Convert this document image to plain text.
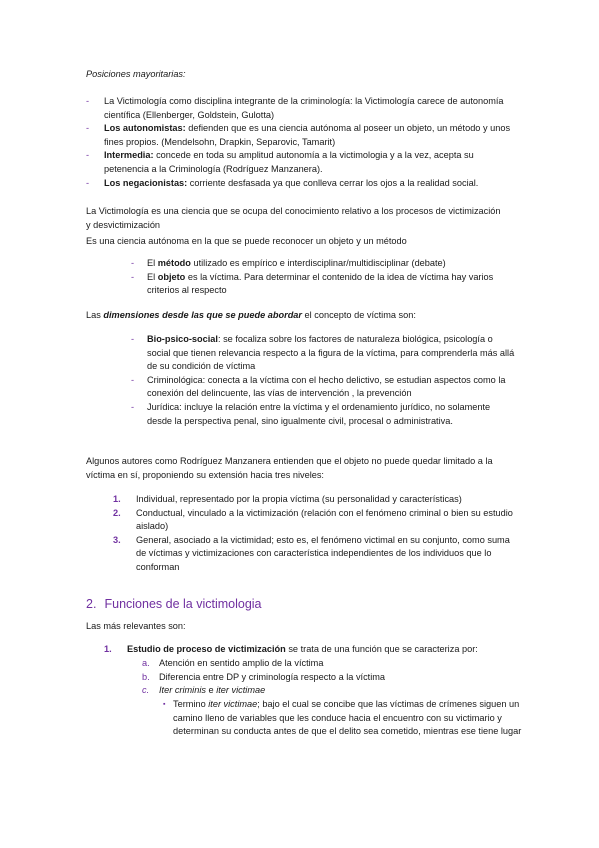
Posiciones mayoritarias:

- La Victimología como disciplina integrante de la criminología: la Victimología carece de autonomía científica (Ellenberger, Goldstein, Gulotta)
- Los autonomistas: defienden que es una ciencia autónoma al poseer un objeto, un método y unos fines propios. (Mendelsohn, Drapkin, Separovic, Tamarit)
- Intermedia: concede en toda su amplitud autonomía a la victimologia y a la vez, acepta su petenencia a la Criminología (Rodríguez Manzanera).
- Los negacionistas: corriente desfasada ya que conlleva cerrar los ojos a la realidad social.

La Victimología es una ciencia que se ocupa del conocimiento relativo a los procesos de victimización y desvictimización

Es una ciencia autónoma en la que se puede reconocer un objeto y un método

- El método utilizado es empírico e interdisciplinar/multidisciplinar (debate)
- El objeto es la víctima. Para determinar el contenido de la idea de víctima hay varios criterios al respecto

Las dimensiones desde las que se puede abordar el concepto de víctima son:

- Bio-psico-social: se focaliza sobre los factores de naturaleza biológica, psicología o social que tienen relevancia respecto a la figura de la víctima, para comprenderla más allá de su condición de víctima
- Criminológica: conecta a la víctima con el hecho delictivo, se estudian aspectos como la conexión del delincuente, las vías de intervención , la prevención
- Jurídica: incluye la relación entre la víctima y el ordenamiento jurídico, no solamente desde la perspectiva penal, sino igualmente civil, procesal o administrativa.

Algunos autores como Rodríguez Manzanera entienden que el objeto no puede quedar limitado a la víctima en sí, proponiendo su extensión hacia tres niveles:

1. Individual, representado por la propia víctima (su personalidad y características)
2. Conductual, vinculado a la victimización (relación con el fenómeno criminal o bien su estudio aislado)
3. General, asociado a la victimidad; esto es, el fenómeno victimal en su conjunto, como suma de víctimas y victimizaciones con característica independientes de los individuos que lo conforman
2. Funciones de la victimologia

Las más relevantes son:

1. Estudio de proceso de victimización se trata de una función que se caracteriza por:
a. Atención en sentido amplio de la víctima
b. Diferencia entre DP y criminología respecto a la víctima
c. Iter criminis e iter victimae
▪ Termino iter victimae; bajo el cual se concibe que las víctimas de crímenes siguen un camino lleno de variables que les conduce hacia el encuentro con su victimario y determinan su conducta antes de que el delito sea cometido, mientras ese tiene lugar
